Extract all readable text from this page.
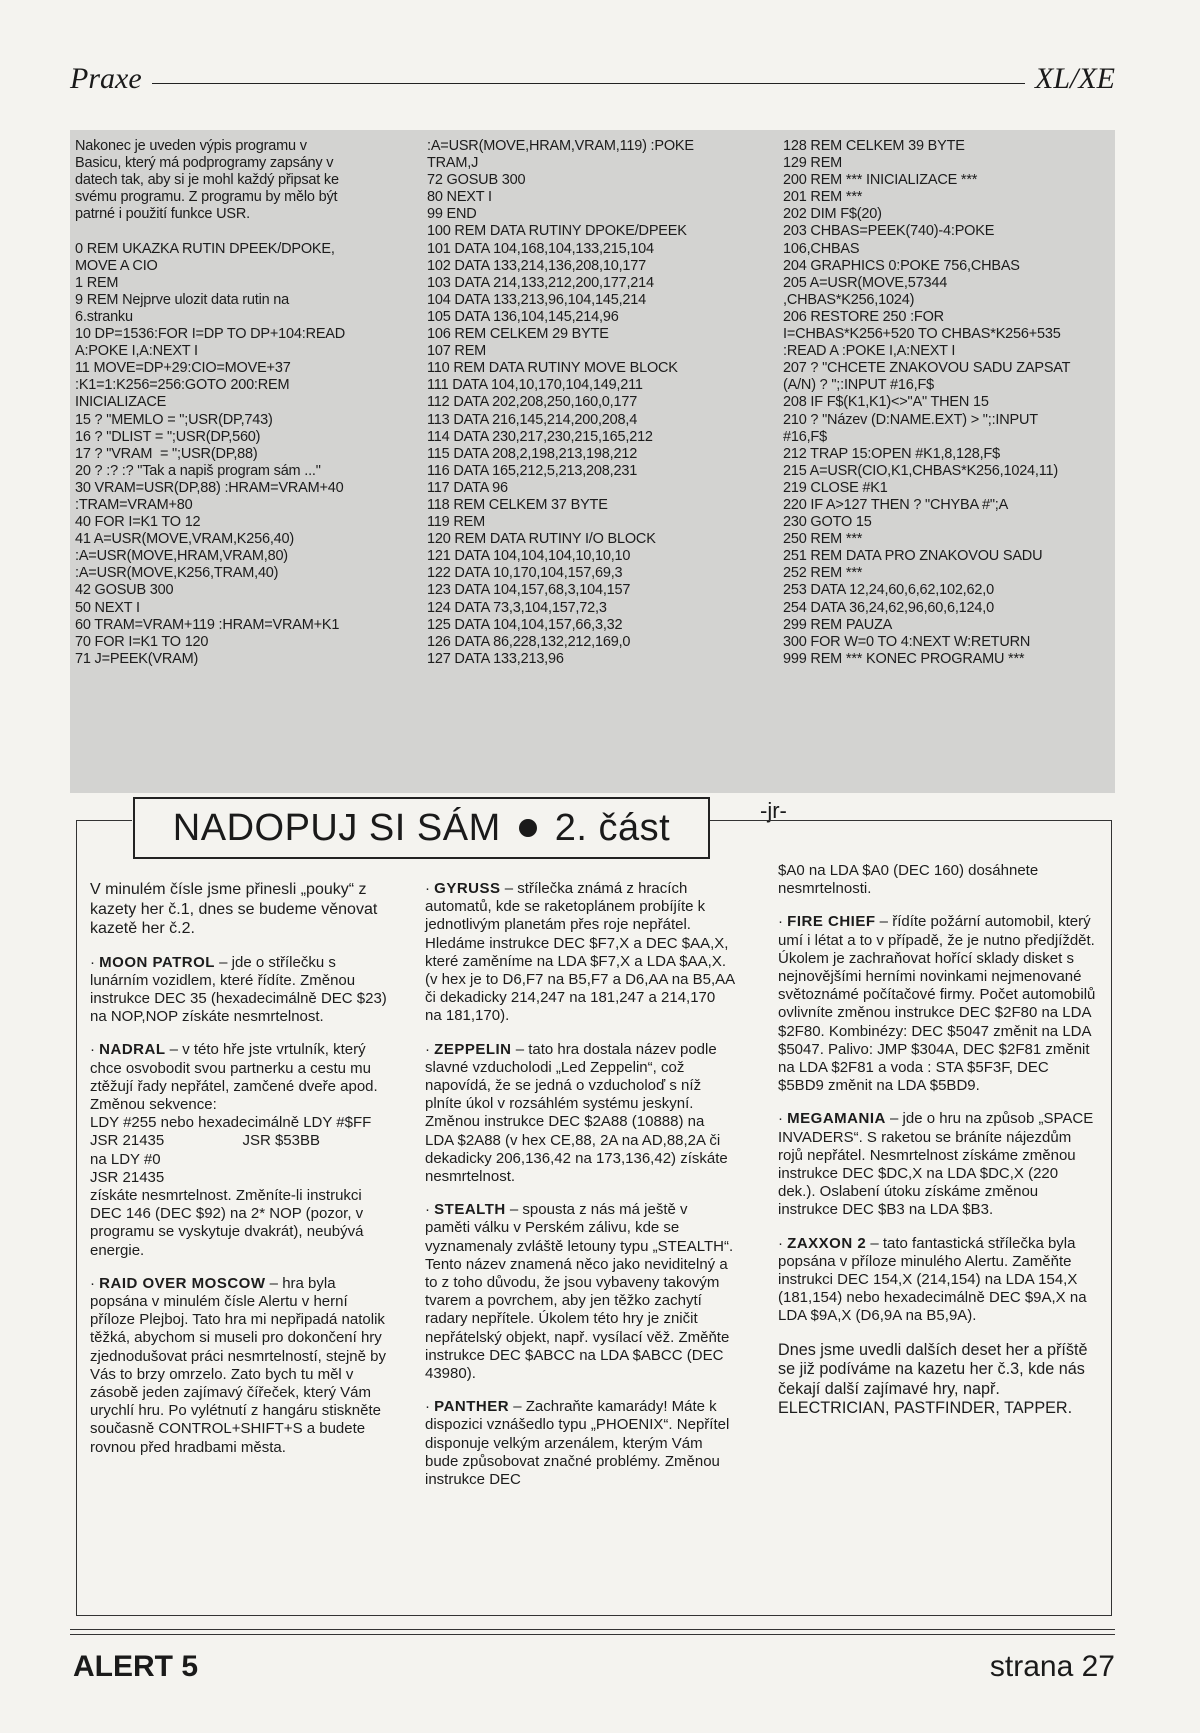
Praxe	XL/XE
Nakonec je uveden výpis programu v
Basicu, který má podprogramy zapsány v
datech tak, aby si je mohl každý připsat ke
svému programu. Z programu by mělo být
patrné i použití funkce USR.
0 REM UKAZKA RUTIN DPEEK/DPOKE,
MOVE A CIO
1 REM
9 REM Nejprve ulozit data rutin na
6.stranku
10 DP=1536:FOR I=DP TO DP+104:READ
A:POKE I,A:NEXT I
11 MOVE=DP+29:CIO=MOVE+37
:K1=1:K256=256:GOTO 200:REM
INICIALIZACE
15 ? "MEMLO = ";USR(DP,743)
16 ? "DLIST = ";USR(DP,560)
17 ? "VRAM  = ";USR(DP,88)
20 ? :? :? "Tak a napiš program sám ..."
30 VRAM=USR(DP,88) :HRAM=VRAM+40
:TRAM=VRAM+80
40 FOR I=K1 TO 12
41 A=USR(MOVE,VRAM,K256,40)
:A=USR(MOVE,HRAM,VRAM,80)
:A=USR(MOVE,K256,TRAM,40)
42 GOSUB 300
50 NEXT I
60 TRAM=VRAM+119 :HRAM=VRAM+K1
70 FOR I=K1 TO 120
71 J=PEEK(VRAM)
:A=USR(MOVE,HRAM,VRAM,119) :POKE
TRAM,J
72 GOSUB 300
80 NEXT I
99 END
100 REM DATA RUTINY DPOKE/DPEEK
101 DATA 104,168,104,133,215,104
102 DATA 133,214,136,208,10,177
103 DATA 214,133,212,200,177,214
104 DATA 133,213,96,104,145,214
105 DATA 136,104,145,214,96
106 REM CELKEM 29 BYTE
107 REM
110 REM DATA RUTINY MOVE BLOCK
111 DATA 104,10,170,104,149,211
112 DATA 202,208,250,160,0,177
113 DATA 216,145,214,200,208,4
114 DATA 230,217,230,215,165,212
115 DATA 208,2,198,213,198,212
116 DATA 165,212,5,213,208,231
117 DATA 96
118 REM CELKEM 37 BYTE
119 REM
120 REM DATA RUTINY I/O BLOCK
121 DATA 104,104,104,10,10,10
122 DATA 10,170,104,157,69,3
123 DATA 104,157,68,3,104,157
124 DATA 73,3,104,157,72,3
125 DATA 104,104,157,66,3,32
126 DATA 86,228,132,212,169,0
127 DATA 133,213,96
128 REM CELKEM 39 BYTE
129 REM
200 REM *** INICIALIZACE ***
201 REM ***
202 DIM F$(20)
203 CHBAS=PEEK(740)-4:POKE
106,CHBAS
204 GRAPHICS 0:POKE 756,CHBAS
205 A=USR(MOVE,57344
,CHBAS*K256,1024)
206 RESTORE 250 :FOR
I=CHBAS*K256+520 TO CHBAS*K256+535
:READ A :POKE I,A:NEXT I
207 ? "CHCETE ZNAKOVOU SADU ZAPSAT
(A/N) ? ";:INPUT #16,F$
208 IF F$(K1,K1)<>"A" THEN 15
210 ? "Název (D:NAME.EXT) > ";:INPUT
#16,F$
212 TRAP 15:OPEN #K1,8,128,F$
215 A=USR(CIO,K1,CHBAS*K256,1024,11)
219 CLOSE #K1
220 IF A>127 THEN ? "CHYBA #";A
230 GOTO 15
250 REM ***
251 REM DATA PRO ZNAKOVOU SADU
252 REM ***
253 DATA 12,24,60,6,62,102,62,0
254 DATA 36,24,62,96,60,6,124,0
299 REM PAUZA
300 FOR W=0 TO 4:NEXT W:RETURN
999 REM *** KONEC PROGRAMU ***
-jr-
NADOPUJ SI SÁM 2. část

V minulém čísle jsme přinesli „pouky“ z kazety her č.1, dnes se budeme věnovat kazetě her č.2.

· MOON PATROL – jde o střílečku s lunárním vozidlem, které řídíte. Změnou instrukce DEC 35 (hexadecimálně DEC $23) na NOP,NOP získáte nesmrtelnost.

· NADRAL – v této hře jste vrtulník, který chce osvobodit svou partnerku a cestu mu ztěžují řady nepřátel, zamčené dveře apod.
Změnou sekvence:
LDY #255 nebo hexadecimálně LDY #$FF

JSR 21435	JSR $53BB
na LDY #0
JSR 21435
získáte nesmrtelnost. Změníte-li instrukci DEC 146 (DEC $92) na 2* NOP (pozor, v programu se vyskytuje dvakrát), neubývá energie.

· RAID OVER MOSCOW – hra byla popsána v minulém čísle Alertu v herní příloze Plejboj. Tato hra mi nepřipadá natolik těžká, abychom si museli pro dokončení hry zjednodušovat práci nesmrtelností, stejně by Vás to brzy omrzelo. Zato bych tu měl v zásobě jeden zajímavý čířeček, který Vám urychlí hru. Po vylétnutí z hangáru stiskněte současně CONTROL+SHIFT+S a budete rovnou před hradbami města.

· GYRUSS – střílečka známá z hracích automatů, kde se raketoplánem probíjíte k jednotlivým planetám přes roje nepřátel. Hledáme instrukce DEC $F7,X a DEC $AA,X, které zaměníme na LDA $F7,X a LDA $AA,X.(v hex je to D6,F7 na B5,F7 a D6,AA na B5,AA či dekadicky 214,247 na 181,247 a 214,170 na 181,170).

· ZEPPELIN – tato hra dostala název podle slavné vzducholodi „Led Zeppelin“, což napovídá, že se jedná o vzducholoď s níž plníte úkol v rozsáhlém systému jeskyní. Změnou instrukce DEC $2A88 (10888) na LDA $2A88 (v hex CE,88, 2A na AD,88,2A či dekadicky 206,136,42 na 173,136,42) získáte nesmrtelnost.

· STEALTH – spousta z nás má ještě v paměti válku v Perském zálivu, kde se vyznamenaly zvláště letouny typu „STEALTH“. Tento název znamená něco jako neviditelný a to z toho důvodu, že jsou vybaveny takovým tvarem a povrchem, aby jen těžko zachytí radary nepřítele. Úkolem této hry je zničit nepřátelský objekt, např. vysílací věž. Změňte instrukce DEC $ABCC na LDA $ABCC (DEC 43980).

· PANTHER – Zachraňte kamarády! Máte k dispozici vznášedlo typu „PHOENIX“. Nepřítel disponuje velkým arzenálem, kterým Vám bude způsobovat značné problémy. Změnou instrukce DEC

$A0 na LDA $A0 (DEC 160) dosáhnete nesmrtelnosti.

· FIRE CHIEF – řídíte požární automobil, který umí i létat a to v případě, že je nutno předjíždět. Úkolem je zachraňovat hořící sklady disket s nejnovějšími herními novinkami nejmenované světoznámé počítačové firmy. Počet automobilů ovlivníte změnou instrukce DEC $2F80 na LDA $2F80. Kombinézy: DEC $5047 změnit na LDA $5047. Palivo: JMP $304A, DEC $2F81 změnit na LDA $2F81 a voda : STA $5F3F, DEC $5BD9 změnit na LDA $5BD9.

· MEGAMANIA – jde o hru na způsob „SPACE INVADERS“. S raketou se bráníte nájezdům rojů nepřátel. Nesmrtelnost získáme změnou instrukce DEC $DC,X na LDA $DC,X (220 dek.). Oslabení útoku získáme změnou instrukce DEC $B3 na LDA $B3.

· ZAXXON 2 – tato fantastická střílečka byla popsána v příloze minulého Alertu. Zaměňte instrukci DEC 154,X (214,154) na LDA 154,X (181,154) nebo hexadecimálně DEC $9A,X na LDA $9A,X (D6,9A na B5,9A).

Dnes jsme uvedli dalších deset her a příště se již podíváme na kazetu her č.3, kde nás čekají další zajímavé hry, např. ELECTRICIAN, PASTFINDER, TAPPER.

ALERT 5	strana 27
